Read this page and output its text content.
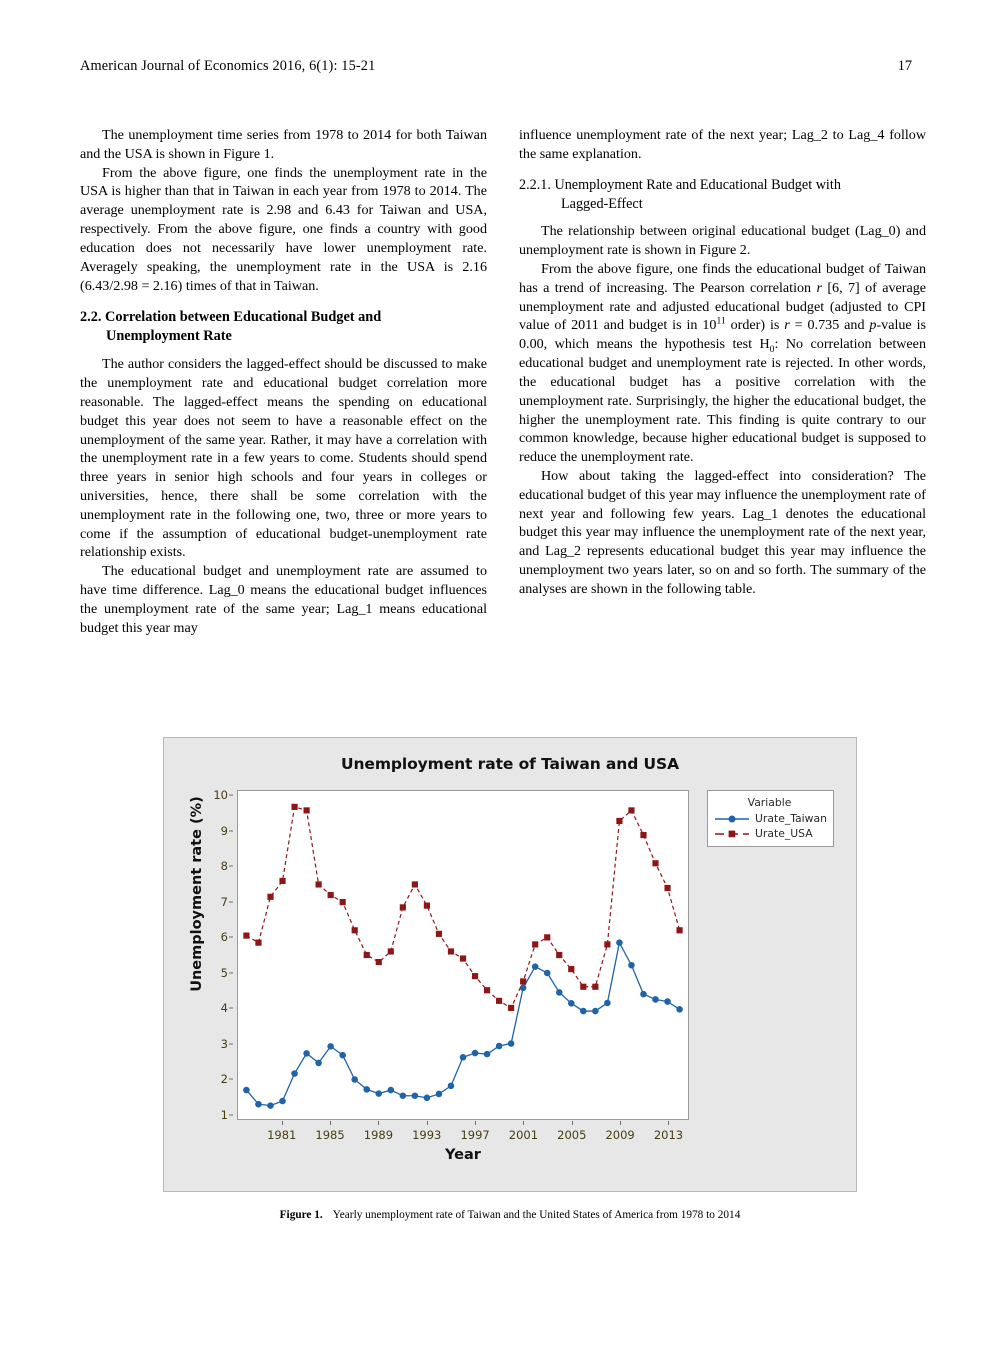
American Journal of Economics 2016, 6(1): 15-21	17

The unemployment time series from 1978 to 2014 for both Taiwan and the USA is shown in Figure 1.

From the above figure, one finds the unemployment rate in the USA is higher than that in Taiwan in each year from 1978 to 2014. The average unemployment rate is 2.98 and 6.43 for Taiwan and USA, respectively. From the above figure, one finds a country with good education does not necessarily have lower unemployment rate. Averagely speaking, the unemployment rate in the USA is 2.16 (6.43/2.98 = 2.16) times of that in Taiwan.

2.2. Correlation between Educational Budget and
Unemployment Rate

The author considers the lagged-effect should be discussed to make the unemployment rate and educational budget correlation more reasonable. The lagged-effect means the spending on educational budget this year does not seem to have a reasonable effect on the unemployment of the same year. Rather, it may have a correlation with the unemployment rate in a few years to come. Students should spend three years in senior high schools and four years in colleges or universities, hence, there shall be some correlation with the unemployment rate in the following one, two, three or more years to come if the assumption of educational budget-unemployment rate relationship exists.

The educational budget and unemployment rate are assumed to have time difference. Lag_0 means the educational budget influences the unemployment rate of the same year; Lag_1 means educational budget this year may

influence unemployment rate of the next year; Lag_2 to Lag_4 follow the same explanation.

2.2.1. Unemployment Rate and Educational Budget with
Lagged-Effect

The relationship between original educational budget (Lag_0) and unemployment rate is shown in Figure 2.

From the above figure, one finds the educational budget of Taiwan has a trend of increasing. The Pearson correlation r [6, 7] of average unemployment rate and adjusted educational budget (adjusted to CPI value of 2011 and budget is in $10^{11}$ order) is r = 0.735 and p-value is 0.00, which means the hypothesis test $H_0$: No correlation between educational budget and unemployment rate is rejected. In other words, the educational budget has a positive correlation with the unemployment rate. Surprisingly, the higher the educational budget, the higher the unemployment rate. This finding is quite contrary to our common knowledge, because higher educational budget is supposed to reduce the unemployment rate.

How about taking the lagged-effect into consideration? The educational budget of this year may influence the unemployment rate of next year and following few years. Lag_1 denotes the educational budget this year may influence the unemployment rate of the next year, and Lag_2 represents educational budget this year may influence the unemployment two years later, so on and so forth. The summary of the analyses are shown in the following table.

Unemployment rate of Taiwan and USA
Unemployment rate (%)
1
2
3
4
5
6
7
8
9
10
1981 1985 1989 1993 1997 2001 2005 2009 2013
Year
Variable
Urate_Taiwan
Urate_USA
Figure 1. Yearly unemployment rate of Taiwan and the United States of America from 1978 to 2014
